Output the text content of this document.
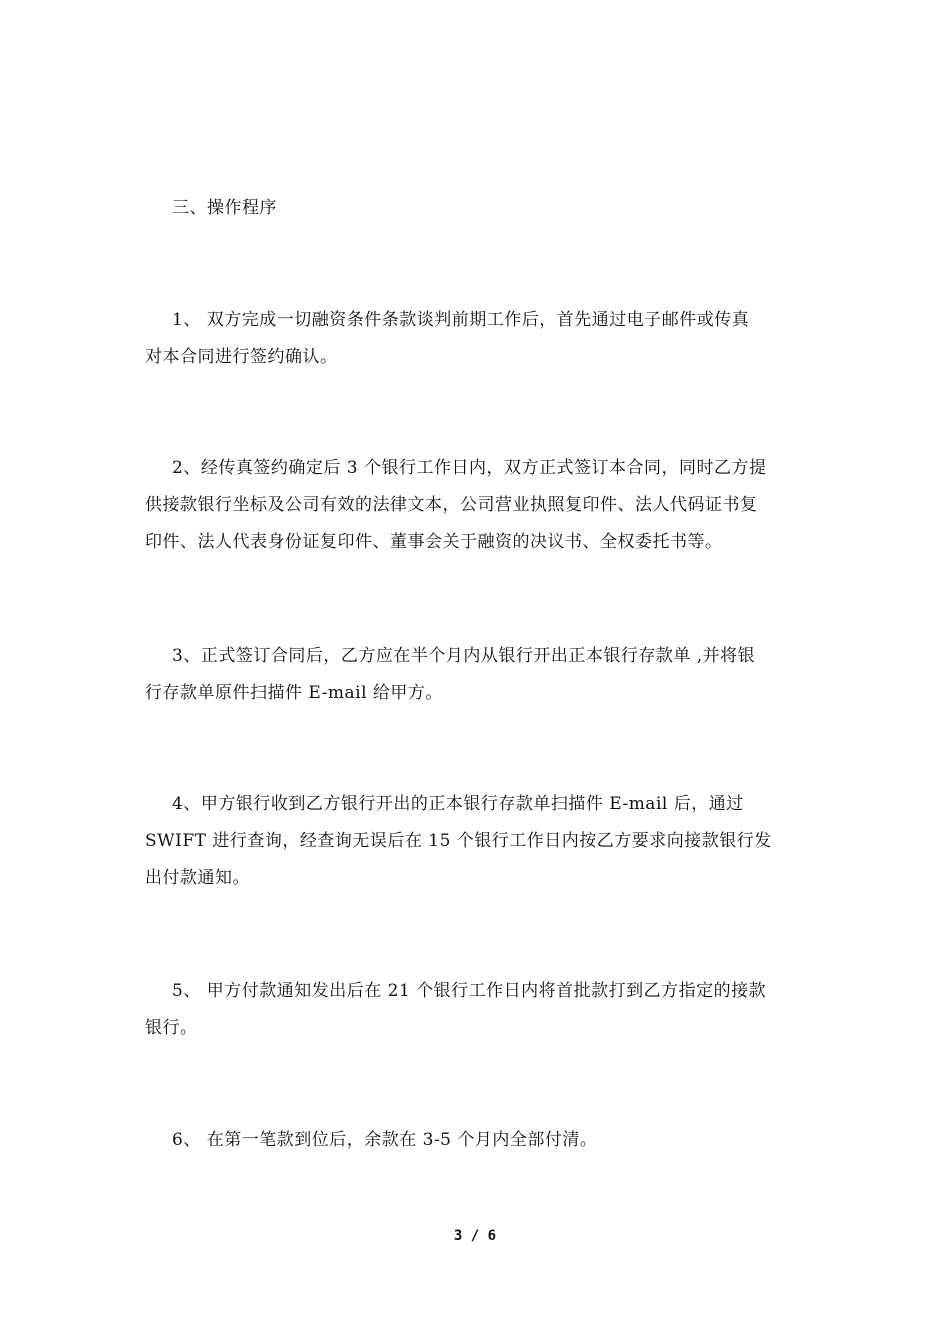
三、操作程序

1、 双方完成一切融资条件条款谈判前期工作后，首先通过电子邮件或传真
对本合同进行签约确认。

2、经传真签约确定后 3 个银行工作日内，双方正式签订本合同，同时乙方提
供接款银行坐标及公司有效的法律文本，公司营业执照复印件、法人代码证书复
印件、法人代表身份证复印件、董事会关于融资的决议书、全权委托书等。

3、正式签订合同后，乙方应在半个月内从银行开出正本银行存款单 ,并将银
行存款单原件扫描件 E-mail 给甲方。

4、甲方银行收到乙方银行开出的正本银行存款单扫描件 E-mail 后，通过
SWIFT 进行查询，经查询无误后在 15 个银行工作日内按乙方要求向接款银行发
出付款通知。

5、 甲方付款通知发出后在 21 个银行工作日内将首批款打到乙方指定的接款
银行。

6、 在第一笔款到位后，余款在 3-5 个月内全部付清。

3 / 6
